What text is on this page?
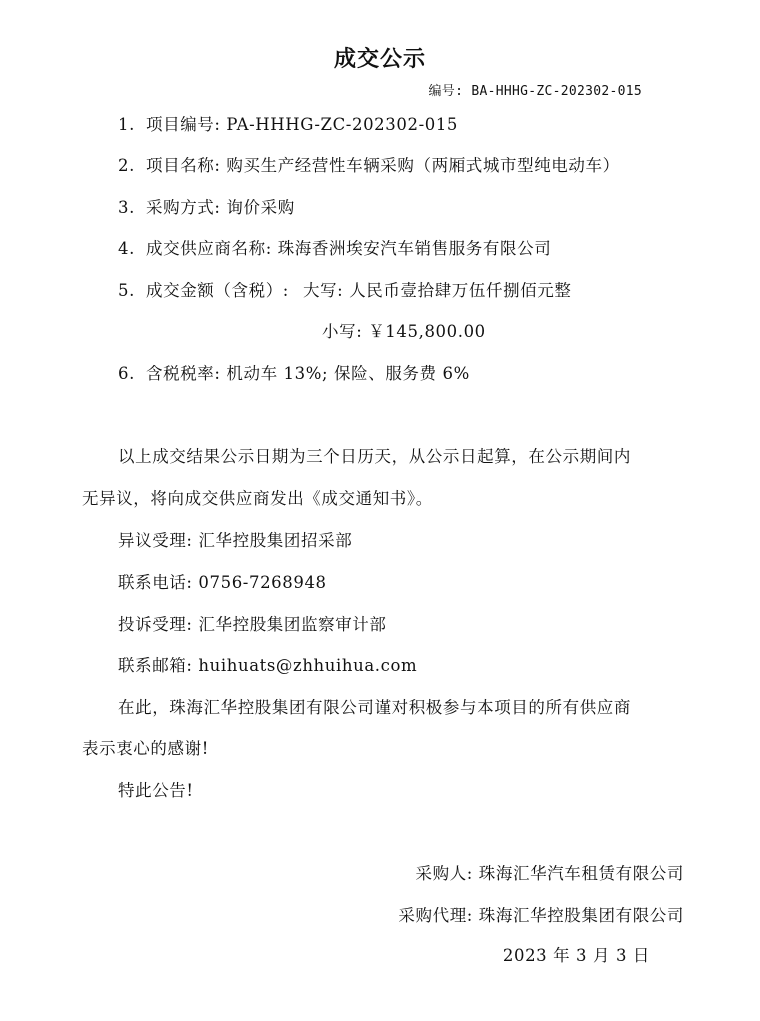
成交公示
编号: BA-HHHG-ZC-202302-015
1. 项目编号: PA-HHHG-ZC-202302-015
2. 项目名称: 购买生产经营性车辆采购（两厢式城市型纯电动车）
3. 采购方式: 询价采购
4. 成交供应商名称: 珠海香洲埃安汽车销售服务有限公司
5. 成交金额（含税）: 大写: 人民币壹拾肆万伍仟捌佰元整
小写: ￥145,800.00
6. 含税税率: 机动车 13%; 保险、服务费 6%
以上成交结果公示日期为三个日历天，从公示日起算，在公示期间内
无异议，将向成交供应商发出《成交通知书》。
异议受理: 汇华控股集团招采部
联系电话: 0756-7268948
投诉受理: 汇华控股集团监察审计部
联系邮箱: huihuats@zhhuihua.com
在此，珠海汇华控股集团有限公司谨对积极参与本项目的所有供应商
表示衷心的感谢!
特此公告!
采购人: 珠海汇华汽车租赁有限公司
采购代理: 珠海汇华控股集团有限公司
2023 年 3 月 3 日
